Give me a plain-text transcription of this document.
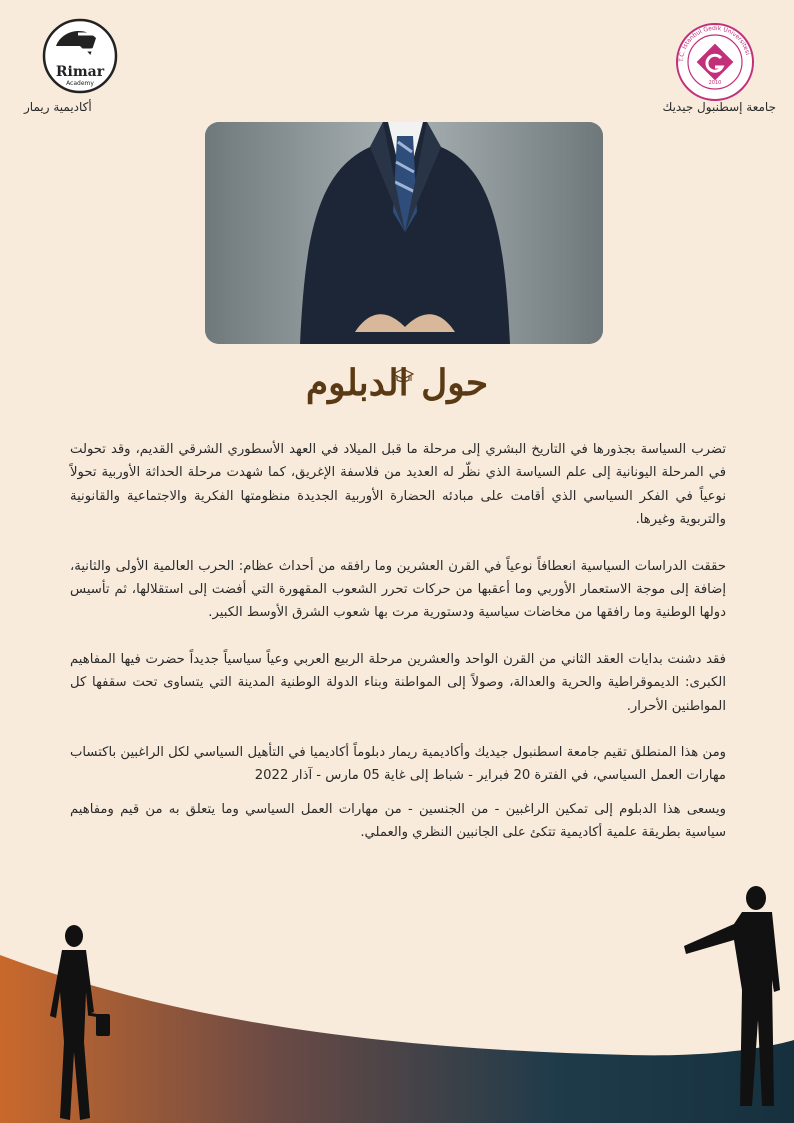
Rimar
Academy
أكاديمية ريمار
T.C. İstanbul Gedik Üniversitesi
2010
جامعة إسطنبول جيديك
حول الدبلوم

تضرب السياسة بجذورها في التاريخ البشري إلى مرحلة ما قبل الميلاد في العهد الأسطوري الشرقي القديم، وقد تحولت في المرحلة اليونانية إلى علم السياسة الذي نظّر له العديد من فلاسفة الإغريق، كما شهدت مرحلة الحداثة الأوربية تحولاً نوعياً في الفكر السياسي الذي أقامت على مبادئه الحضارة الأوربية الجديدة منظومتها الفكرية والاجتماعية والقانونية والتربوية وغيرها.

حققت الدراسات السياسية انعطافاً نوعياً في القرن العشرين وما رافقه من أحداث عظام: الحرب العالمية الأولى والثانية، إضافة إلى موجة الاستعمار الأوربي وما أعقبها من حركات تحرر الشعوب المقهورة التي أفضت إلى استقلالها، ثم تأسيس دولها الوطنية وما رافقها من مخاضات سياسية ودستورية مرت بها شعوب الشرق الأوسط الكبير.

فقد دشنت بدايات العقد الثاني من القرن الواحد والعشرين مرحلة الربيع العربي وعياً سياسياً جديداً حضرت فيها المفاهيم الكبرى: الديموقراطية والحرية والعدالة، وصولاً إلى المواطنة وبناء الدولة الوطنية المدينة التي يتساوى تحت سقفها كل المواطنين الأحرار.

ومن هذا المنطلق تقيم جامعة اسطنبول جيديك وأكاديمية ريمار دبلوماً أكاديميا في التأهيل السياسي لكل الراغبين باكتساب مهارات العمل السياسي، في الفترة 20 فبراير - شباط إلى غاية 05 مارس - آذار 2022

ويسعى هذا الدبلوم إلى تمكين الراغبين - من الجنسين - من مهارات العمل السياسي وما يتعلق به من قيم ومفاهيم سياسية بطريقة علمية أكاديمية تتكئ على الجانبين النظري والعملي.
